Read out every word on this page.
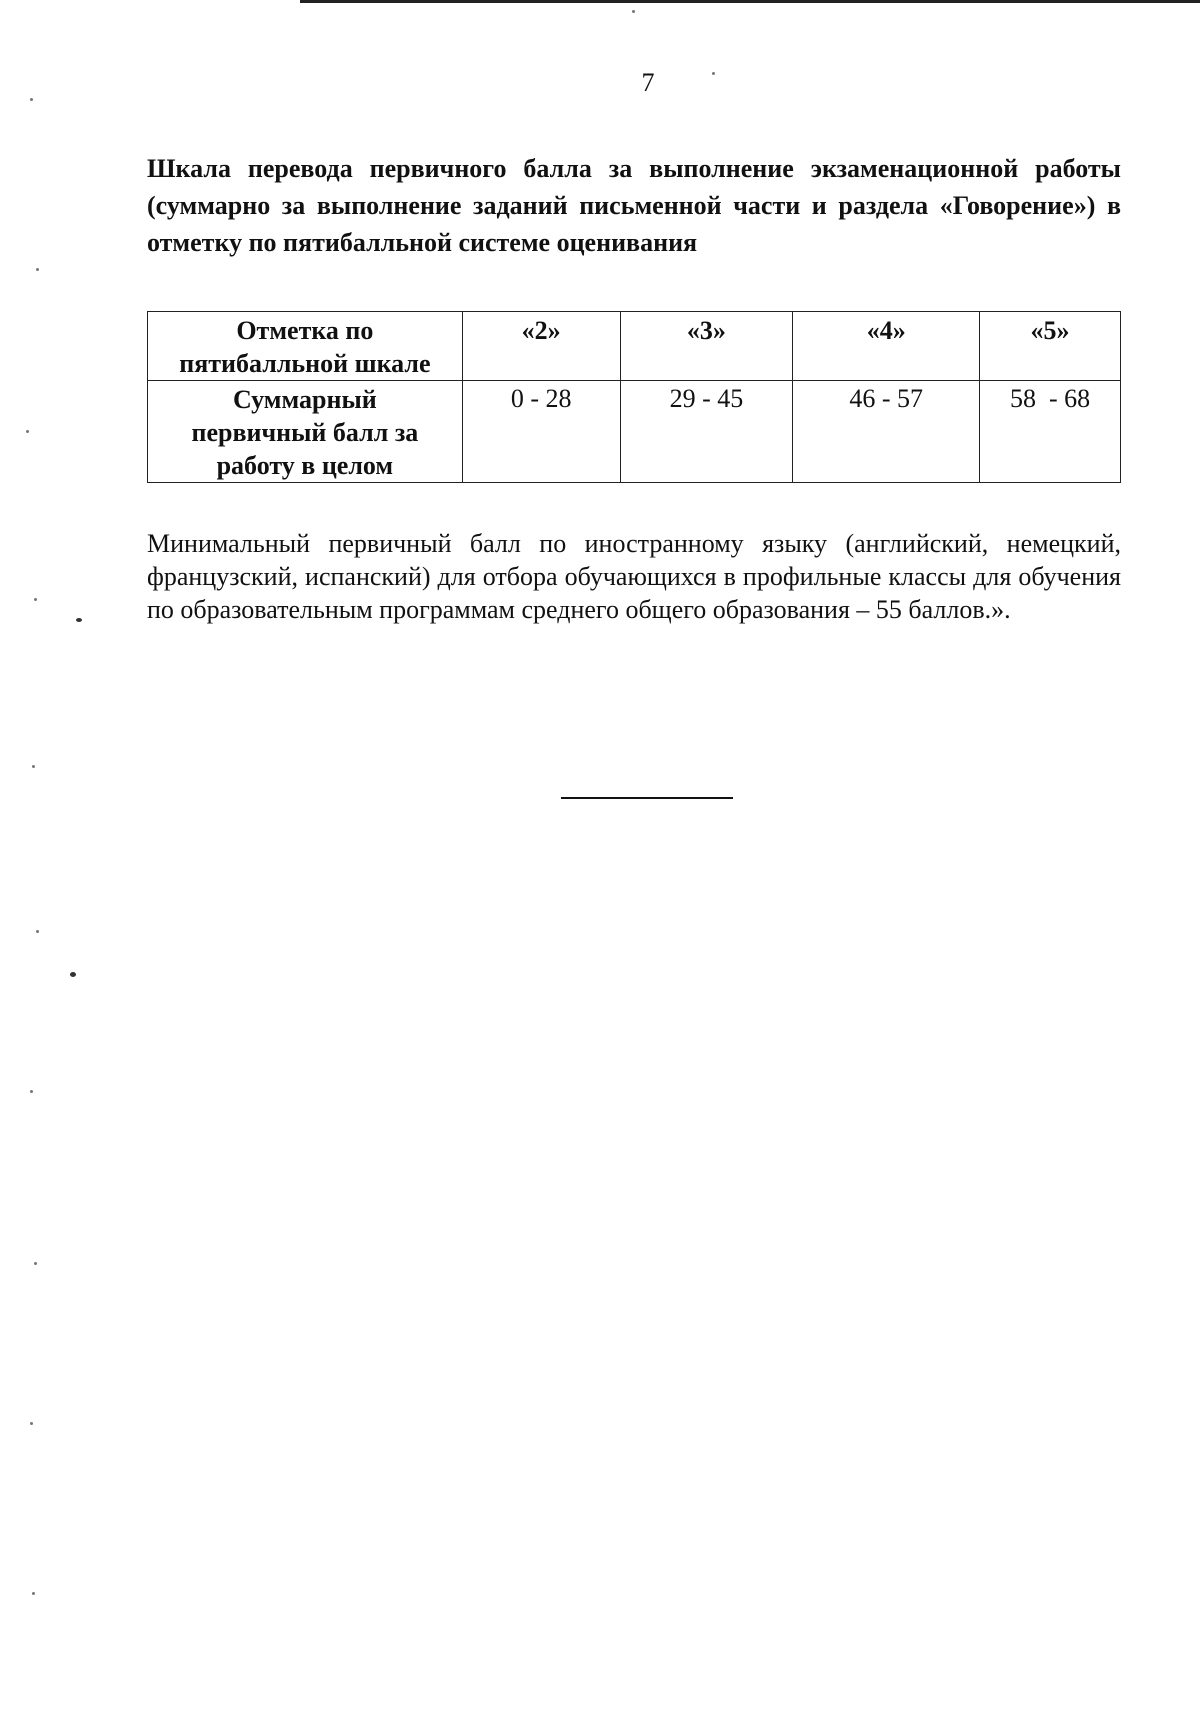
7
Шкала перевода первичного балла за выполнение экзаменационной работы (суммарно за выполнение заданий письменной части и раздела «Говорение») в отметку по пятибалльной системе оценивания
Отметка по
пятибалльной шкале	«2»	«3»	«4»	«5»

Суммарный
первичный балл за
работу в целом	0 - 28	29 - 45	46 - 57	58  - 68
Минимальный первичный балл по иностранному языку (английский, немецкий, французский, испанский) для отбора обучающихся в профильные классы для обучения по образовательным программам среднего общего образования – 55 баллов.».
